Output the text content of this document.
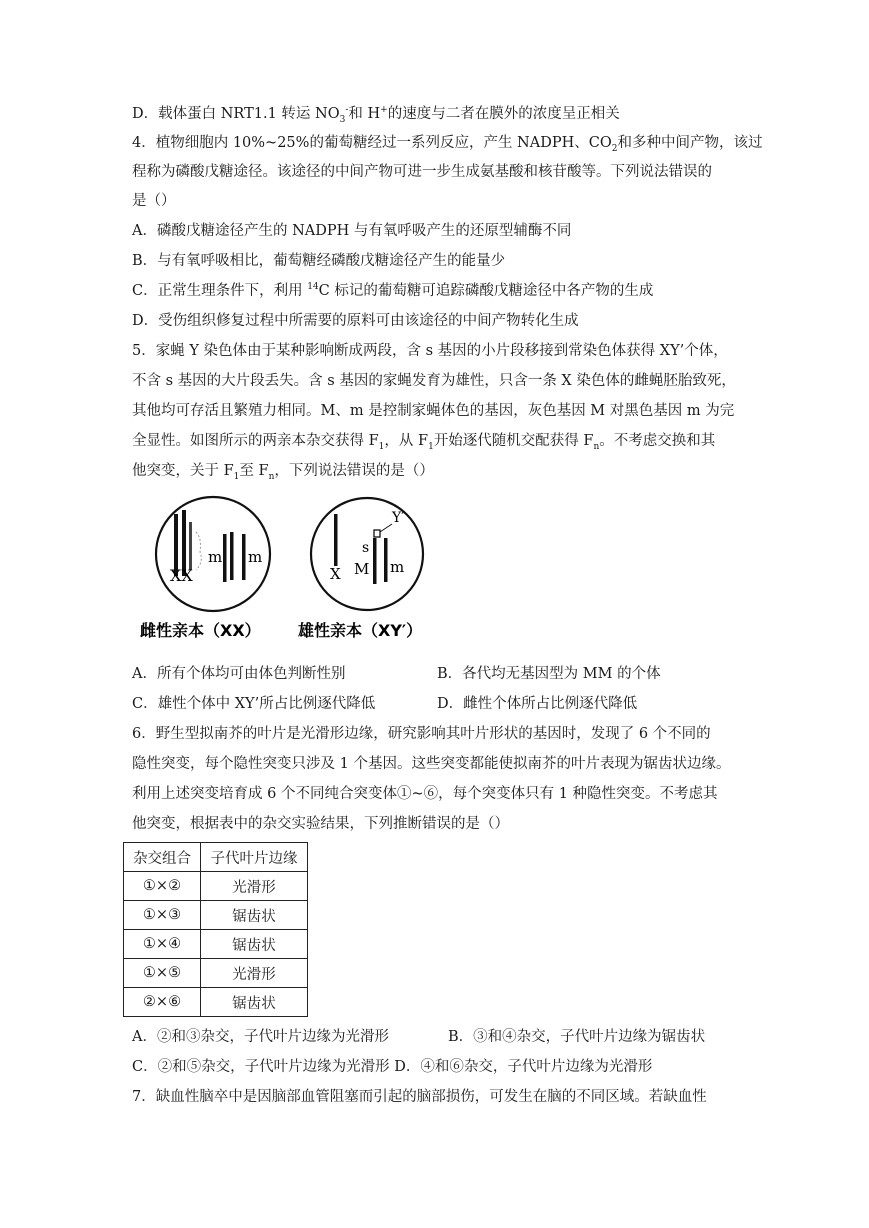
D．载体蛋白 NRT1.1 转运 $NO_3^-$和 H+的速度与二者在膜外的浓度呈正相关
4．植物细胞内 10%~25%的葡萄糖经过一系列反应，产生 NADPH、$CO_2$和多种中间产物，该过
程称为磷酸戊糖途径。该途径的中间产物可进一步生成氨基酸和核苷酸等。下列说法错误的
是（）
A．磷酸戊糖途径产生的 NADPH 与有氧呼吸产生的还原型辅酶不同
B．与有氧呼吸相比，葡萄糖经磷酸戊糖途径产生的能量少
C．正常生理条件下，利用 $^{14}$C 标记的葡萄糖可追踪磷酸戊糖途径中各产物的生成
D．受伤组织修复过程中所需要的原料可由该途径的中间产物转化生成
5．家蝇 Y 染色体由于某种影响断成两段，含 s 基因的小片段移接到常染色体获得 XY’个体，
不含 s 基因的大片段丢失。含 s 基因的家蝇发育为雄性，只含一条 X 染色体的雌蝇胚胎致死，
其他均可存活且繁殖力相同。M、m 是控制家蝇体色的基因，灰色基因 M 对黑色基因 m 为完
全显性。如图所示的两亲本杂交获得 $F_1$，从 $F_1$开始逐代随机交配获得 $F_n$。不考虑交换和其
他突变，关于 $F_1$至 $F_n$，下列说法错误的是（）
XX
m m
雌性亲本（XX）
X M m
s
Y′
雄性亲本（XY′）
A．所有个体均可由体色判断性别	B．各代均无基因型为 MM 的个体
C．雄性个体中 XY’所占比例逐代降低	D．雌性个体所占比例逐代降低
6．野生型拟南芥的叶片是光滑形边缘，研究影响其叶片形状的基因时，发现了 6 个不同的
隐性突变，每个隐性突变只涉及 1 个基因。这些突变都能使拟南芥的叶片表现为锯齿状边缘。
利用上述突变培育成 6 个不同纯合突变体①~⑥，每个突变体只有 1 种隐性突变。不考虑其
他突变，根据表中的杂交实验结果，下列推断错误的是（）
杂交组合	子代叶片边缘
①×②	光滑形
①×③	锯齿状
①×④	锯齿状
①×⑤	光滑形
②×⑥	锯齿状
A．②和③杂交，子代叶片边缘为光滑形	B．③和④杂交，子代叶片边缘为锯齿状
C．②和⑤杂交，子代叶片边缘为光滑形 D．④和⑥杂交，子代叶片边缘为光滑形
7．缺血性脑卒中是因脑部血管阻塞而引起的脑部损伤，可发生在脑的不同区域。若缺血性
